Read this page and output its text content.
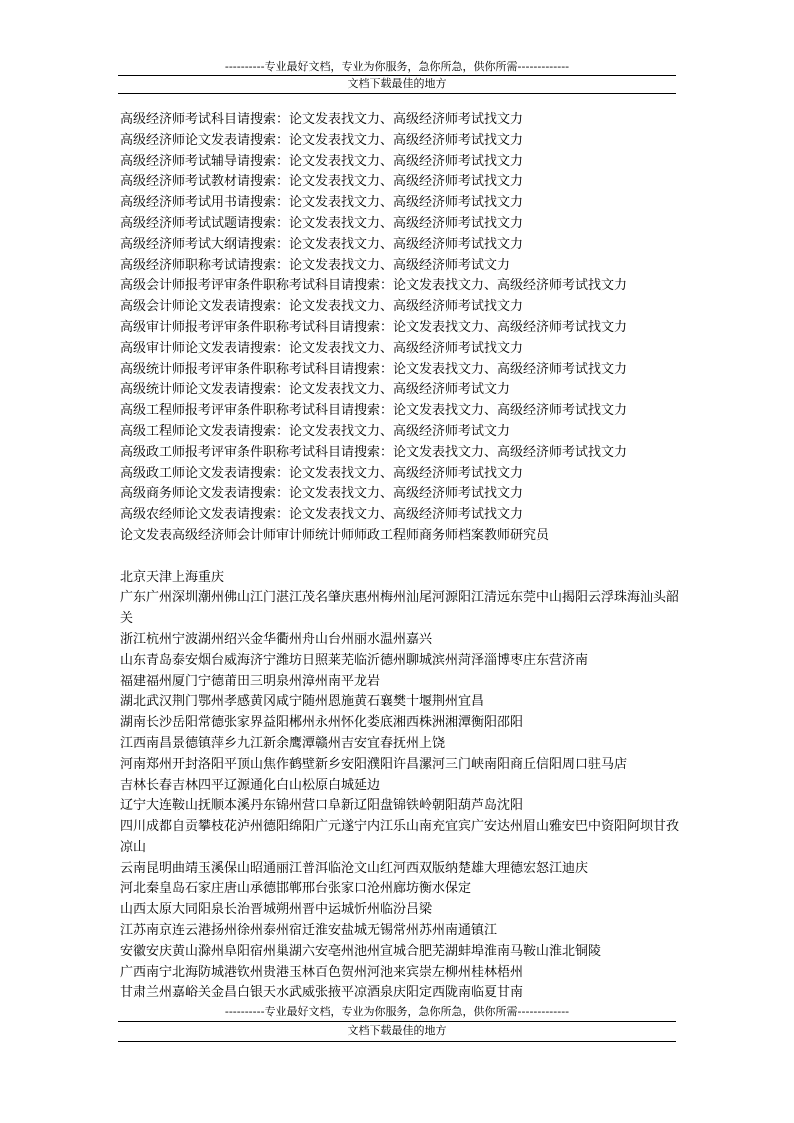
----------专业最好文档，专业为你服务，急你所急，供你所需-------------
文档下载最佳的地方
高级经济师考试科目请搜索：论文发表找文力、高级经济师考试找文力
高级经济师论文发表请搜索：论文发表找文力、高级经济师考试找文力
高级经济师考试辅导请搜索：论文发表找文力、高级经济师考试找文力
高级经济师考试教材请搜索：论文发表找文力、高级经济师考试找文力
高级经济师考试用书请搜索：论文发表找文力、高级经济师考试找文力
高级经济师考试试题请搜索：论文发表找文力、高级经济师考试找文力
高级经济师考试大纲请搜索：论文发表找文力、高级经济师考试找文力
高级经济师职称考试请搜索：论文发表找文力、高级经济师考试文力
高级会计师报考评审条件职称考试科目请搜索：论文发表找文力、高级经济师考试找文力
高级会计师论文发表请搜索：论文发表找文力、高级经济师考试找文力
高级审计师报考评审条件职称考试科目请搜索：论文发表找文力、高级经济师考试找文力
高级审计师论文发表请搜索：论文发表找文力、高级经济师考试找文力
高级统计师报考评审条件职称考试科目请搜索：论文发表找文力、高级经济师考试找文力
高级统计师论文发表请搜索：论文发表找文力、高级经济师考试文力
高级工程师报考评审条件职称考试科目请搜索：论文发表找文力、高级经济师考试找文力
高级工程师论文发表请搜索：论文发表找文力、高级经济师考试文力
高级政工师报考评审条件职称考试科目请搜索：论文发表找文力、高级经济师考试找文力
高级政工师论文发表请搜索：论文发表找文力、高级经济师考试找文力
高级商务师论文发表请搜索：论文发表找文力、高级经济师考试找文力
高级农经师论文发表请搜索：论文发表找文力、高级经济师考试找文力
论文发表高级经济师会计师审计师统计师师政工程师商务师档案教师研究员
北京天津上海重庆
广东广州深圳潮州佛山江门湛江茂名肇庆惠州梅州汕尾河源阳江清远东莞中山揭阳云浮珠海汕头韶关
浙江杭州宁波湖州绍兴金华衢州舟山台州丽水温州嘉兴
山东青岛泰安烟台威海济宁潍坊日照莱芜临沂德州聊城滨州菏泽淄博枣庄东营济南
福建福州厦门宁德莆田三明泉州漳州南平龙岩
湖北武汉荆门鄂州孝感黄冈咸宁随州恩施黄石襄樊十堰荆州宜昌
湖南长沙岳阳常德张家界益阳郴州永州怀化娄底湘西株洲湘潭衡阳邵阳
江西南昌景德镇萍乡九江新余鹰潭赣州吉安宜春抚州上饶
河南郑州开封洛阳平顶山焦作鹤壁新乡安阳濮阳许昌漯河三门峡南阳商丘信阳周口驻马店
吉林长春吉林四平辽源通化白山松原白城延边
辽宁大连鞍山抚顺本溪丹东锦州营口阜新辽阳盘锦铁岭朝阳葫芦岛沈阳
四川成都自贡攀枝花泸州德阳绵阳广元遂宁内江乐山南充宜宾广安达州眉山雅安巴中资阳阿坝甘孜凉山
云南昆明曲靖玉溪保山昭通丽江普洱临沧文山红河西双版纳楚雄大理德宏怒江迪庆
河北秦皇岛石家庄唐山承德邯郸邢台张家口沧州廊坊衡水保定
山西太原大同阳泉长治晋城朔州晋中运城忻州临汾吕梁
江苏南京连云港扬州徐州泰州宿迁淮安盐城无锡常州苏州南通镇江
安徽安庆黄山滁州阜阳宿州巢湖六安亳州池州宣城合肥芜湖蚌埠淮南马鞍山淮北铜陵
广西南宁北海防城港钦州贵港玉林百色贺州河池来宾崇左柳州桂林梧州
甘肃兰州嘉峪关金昌白银天水武威张掖平凉酒泉庆阳定西陇南临夏甘南
----------专业最好文档，专业为你服务，急你所急，供你所需-------------
文档下载最佳的地方
